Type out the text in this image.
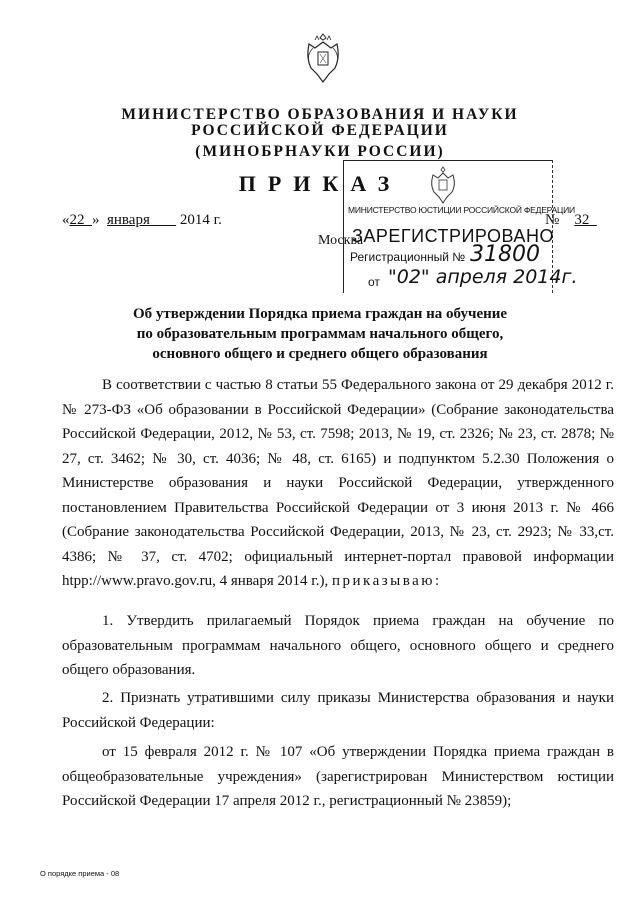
МИНИСТЕРСТВО ОБРАЗОВАНИЯ И НАУКИ
РОССИЙСКОЙ ФЕДЕРАЦИИ
(МИНОБРНАУКИ РОССИИ)
ПРИКАЗ
«22 » января 2014 г.	№ 32
Москва
МИНИСТЕРСТВО ЮСТИЦИИ РОССИЙСКОЙ ФЕДЕРАЦИИ
ЗАРЕГИСТРИРОВАНО
Регистрационный № 31800
от "02" апреля 2014г.
Об утверждении Порядка приема граждан на обучение
по образовательным программам начального общего,
основного общего и среднего общего образования
В соответствии с частью 8 статьи 55 Федерального закона от 29 декабря 2012 г. № 273-ФЗ «Об образовании в Российской Федерации» (Собрание законодательства Российской Федерации, 2012, № 53, ст. 7598; 2013, № 19, ст. 2326; № 23, ст. 2878; № 27, ст. 3462; № 30, ст. 4036; № 48, ст. 6165) и подпунктом 5.2.30 Положения о Министерстве образования и науки Российской Федерации, утвержденного постановлением Правительства Российской Федерации от 3 июня 2013 г. № 466 (Собрание законодательства Российской Федерации, 2013, № 23, ст. 2923; № 33,ст. 4386; № 37, ст. 4702; официальный интернет-портал правовой информации htpp://www.pravo.gov.ru, 4 января 2014 г.), приказываю:
1. Утвердить прилагаемый Порядок приема граждан на обучение по образовательным программам начального общего, основного общего и среднего общего образования.
2. Признать утратившими силу приказы Министерства образования и науки Российской Федерации:
от 15 февраля 2012 г. № 107 «Об утверждении Порядка приема граждан в общеобразовательные учреждения» (зарегистрирован Министерством юстиции Российской Федерации 17 апреля 2012 г., регистрационный № 23859);
О порядке приема - 08
